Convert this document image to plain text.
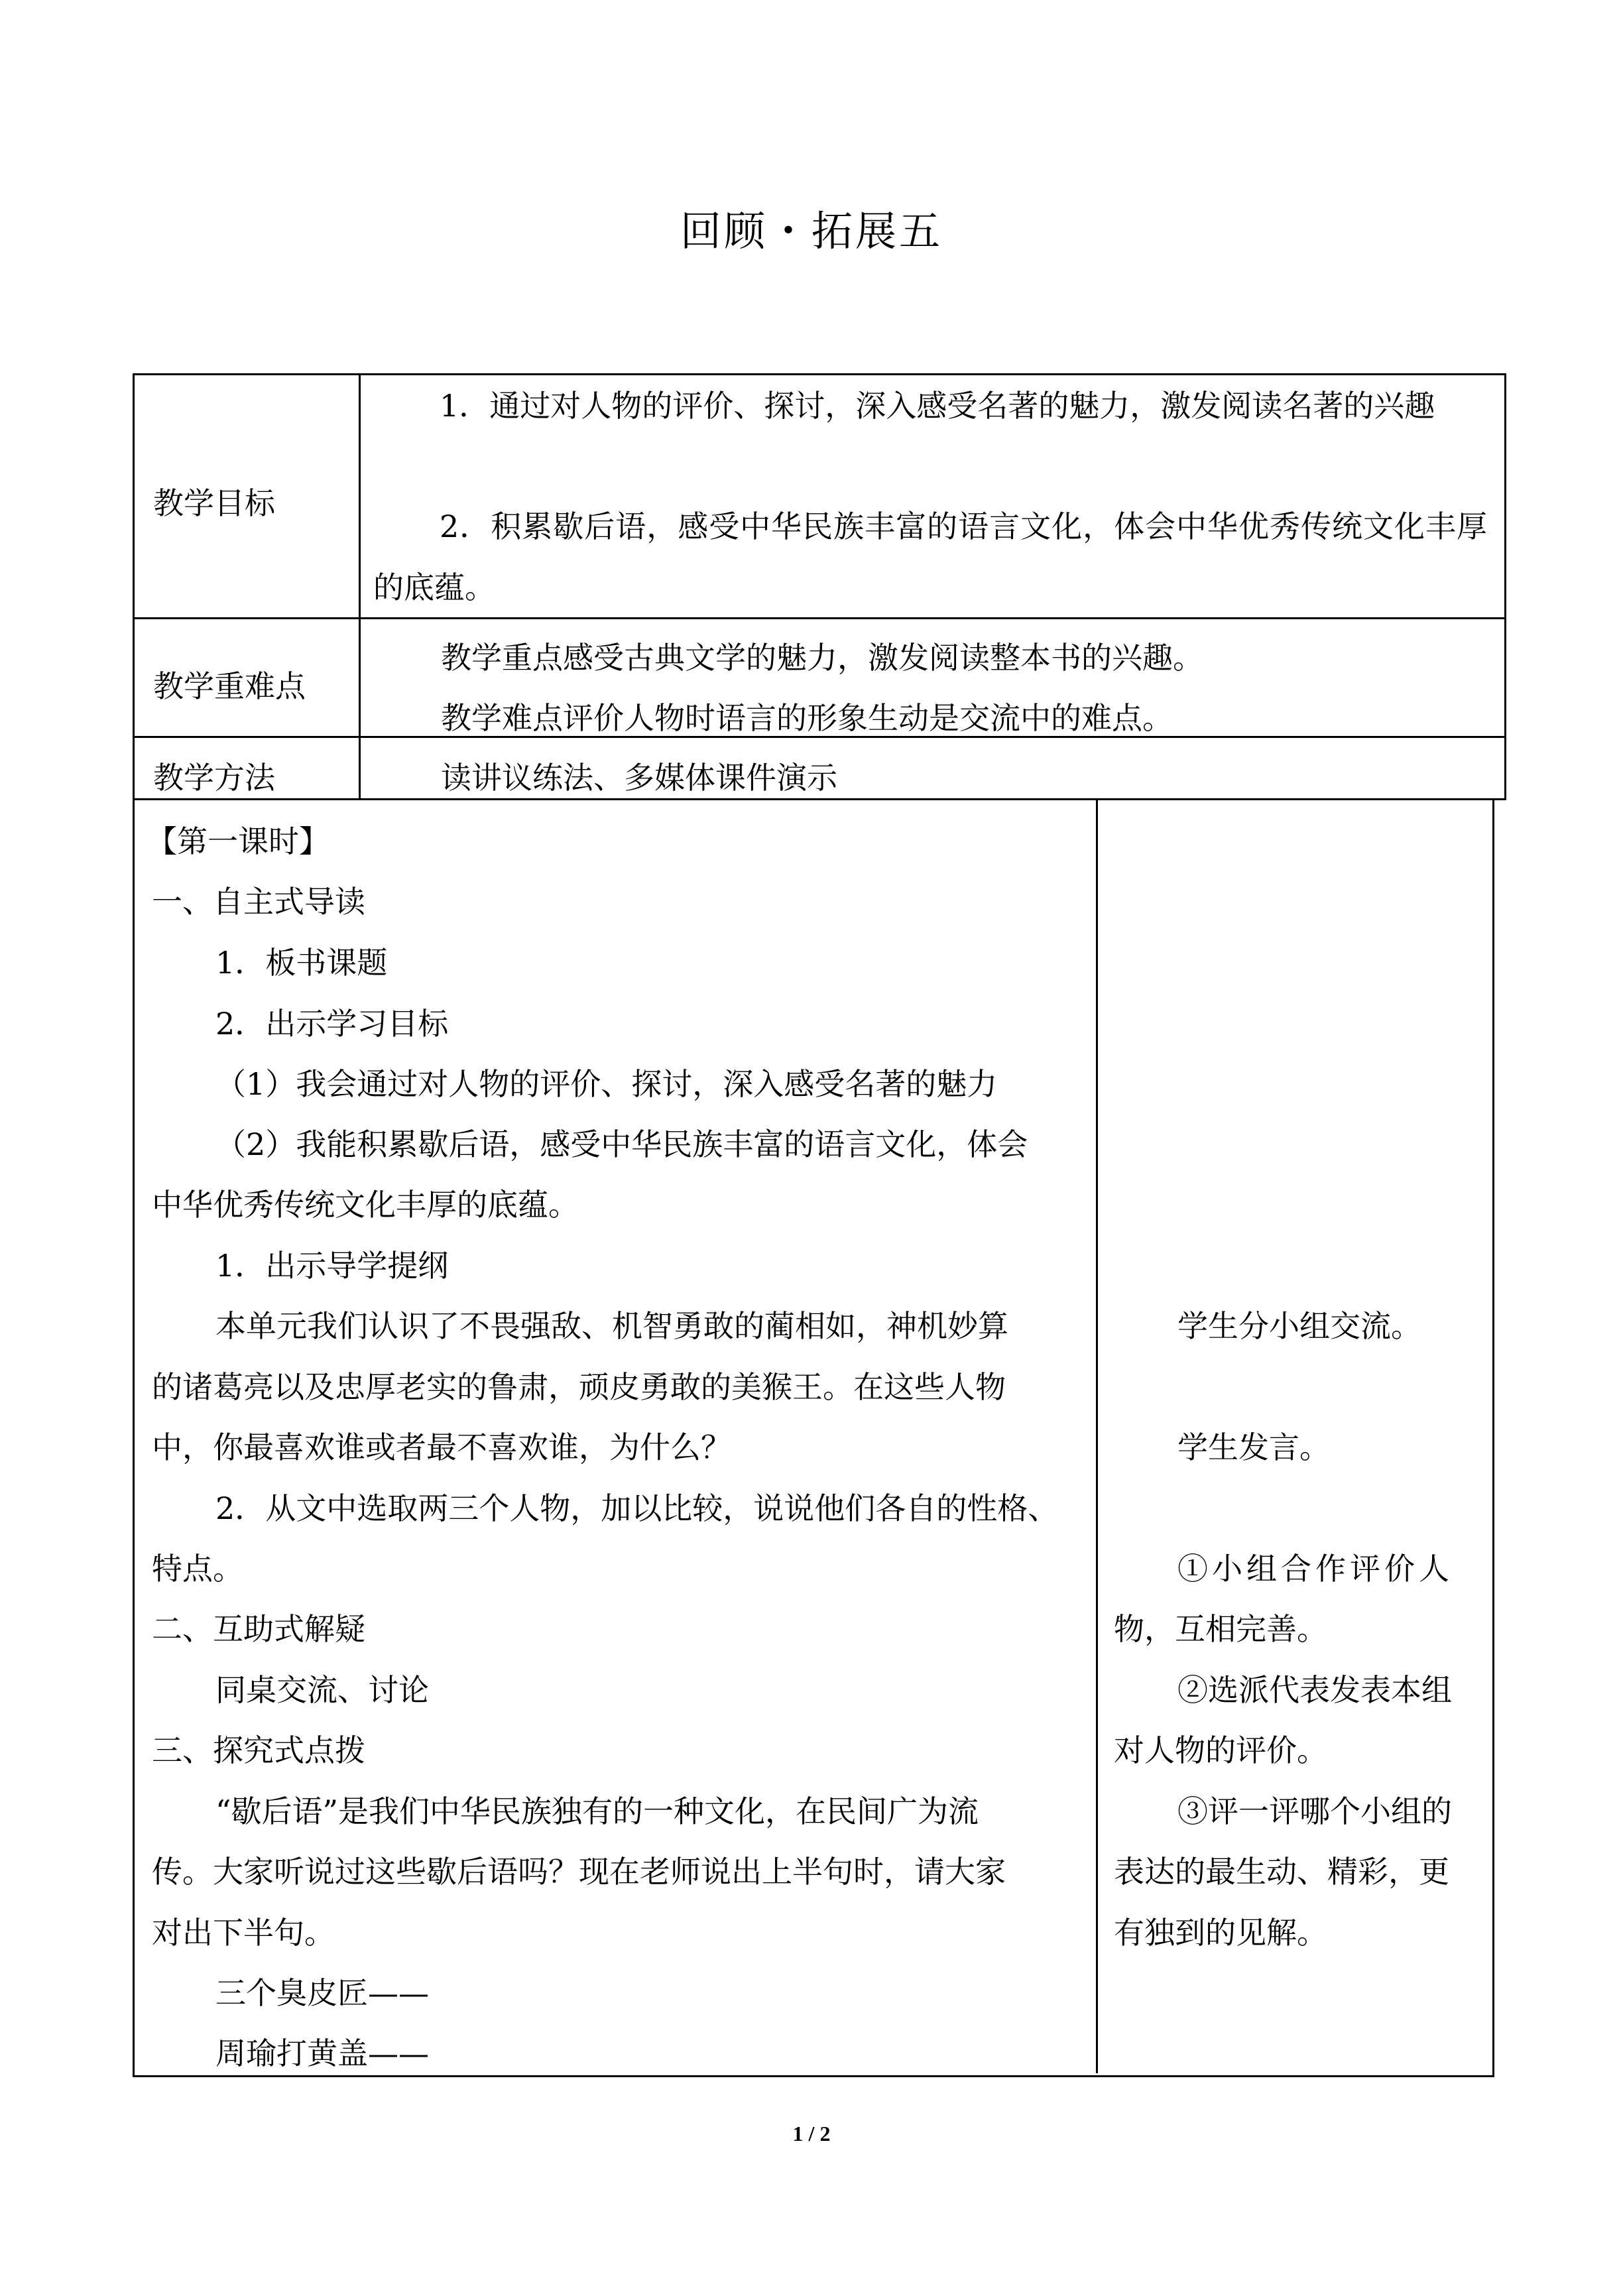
回顾・拓展五
教学目标
1．通过对人物的评价、探讨，深入感受名著的魅力，激发阅读名著的兴趣
2．积累歇后语，感受中华民族丰富的语言文化，体会中华优秀传统文化丰厚的底蕴。
教学重难点
教学重点感受古典文学的魅力，激发阅读整本书的兴趣。
教学难点评价人物时语言的形象生动是交流中的难点。
教学方法	读讲议练法、多媒体课件演示
【第一课时】
一、自主式导读
1．板书课题
2．出示学习目标
（1）我会通过对人物的评价、探讨，深入感受名著的魅力
（2）我能积累歇后语，感受中华民族丰富的语言文化，体会
中华优秀传统文化丰厚的底蕴。
1．出示导学提纲
本单元我们认识了不畏强敌、机智勇敢的蔺相如，神机妙算
的诸葛亮以及忠厚老实的鲁肃，顽皮勇敢的美猴王。在这些人物
中，你最喜欢谁或者最不喜欢谁，为什么？
2．从文中选取两三个人物，加以比较，说说他们各自的性格、
特点。
二、互助式解疑
同桌交流、讨论
三、探究式点拨
“歇后语”是我们中华民族独有的一种文化，在民间广为流
传。大家听说过这些歇后语吗？现在老师说出上半句时，请大家
对出下半句。
三个臭皮匠——
周瑜打黄盖——
学生分小组交流。
学生发言。
①小组合作评价人
物，互相完善。
②选派代表发表本组
对人物的评价。
③评一评哪个小组的
表达的最生动、精彩，更
有独到的见解。
1 / 2
